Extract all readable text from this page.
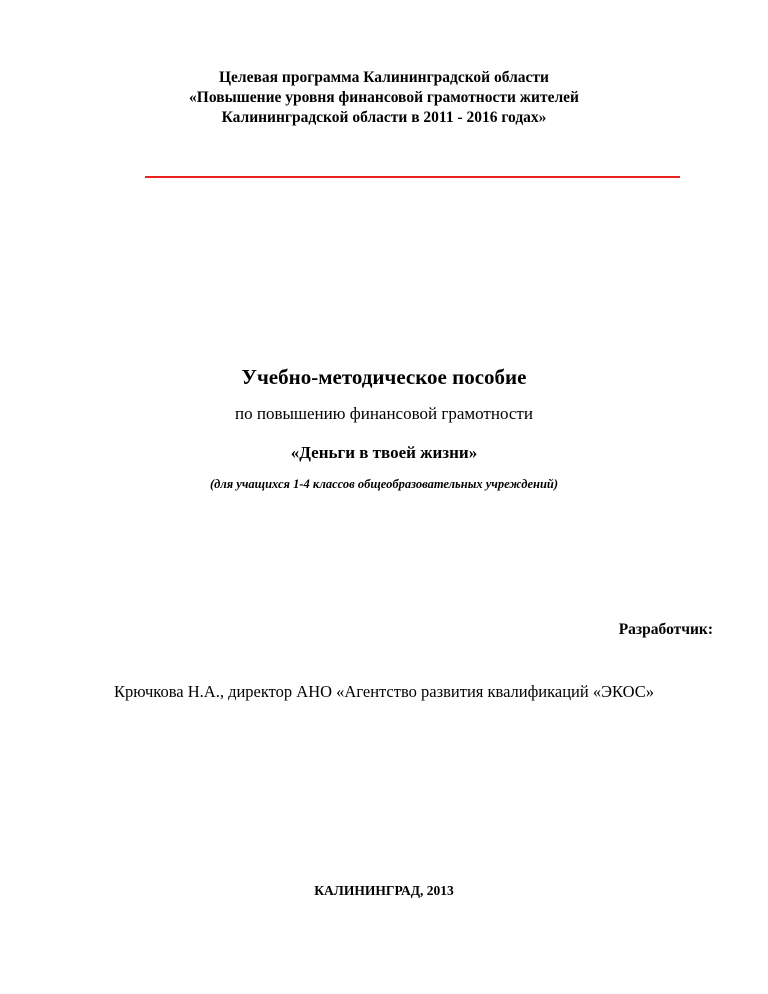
Целевая программа Калининградской области
«Повышение уровня финансовой грамотности жителей
Калининградской области в 2011 - 2016 годах»
Учебно-методическое пособие
по повышению финансовой грамотности
«Деньги в твоей жизни»
(для учащихся 1-4 классов общеобразовательных учреждений)
Разработчик:
Крючкова Н.А., директор АНО «Агентство развития квалификаций «ЭКОС»
КАЛИНИНГРАД, 2013
